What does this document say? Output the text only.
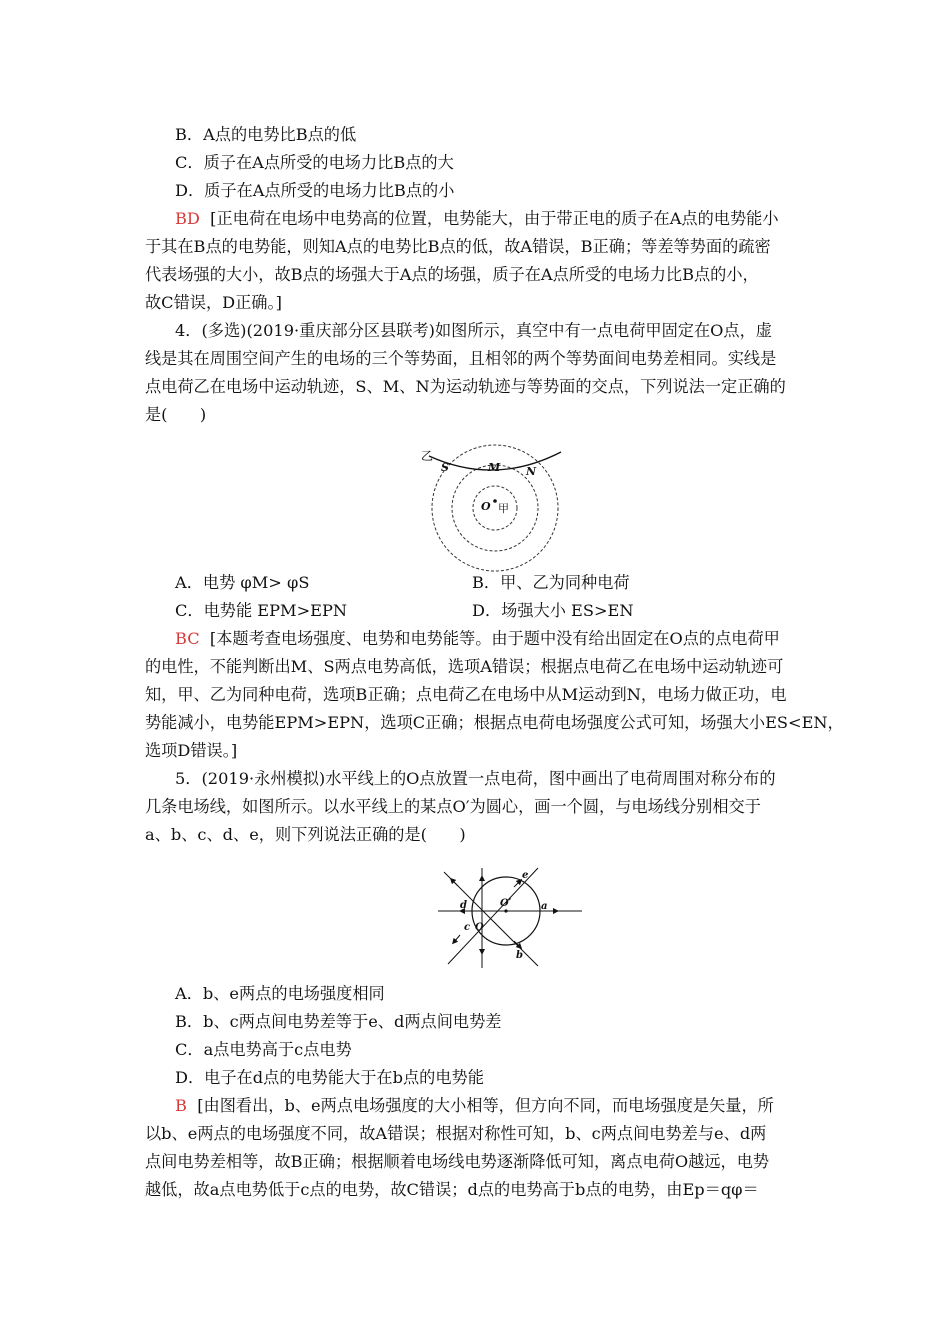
B．A点的电势比B点的低
C．质子在A点所受的电场力比B点的大
D．质子在A点所受的电场力比B点的小
BD [正电荷在电场中电势高的位置，电势能大，由于带正电的质子在A点的电势能小
于其在B点的电势能，则知A点的电势比B点的低，故A错误，B正确；等差等势面的疏密
代表场强的大小，故B点的场强大于A点的场强，质子在A点所受的电场力比B点的小，
故C错误，D正确。]
4．(多选)(2019·重庆部分区县联考)如图所示，真空中有一点电荷甲固定在O点，虚
线是其在周围空间产生的电场的三个等势面，且相邻的两个等势面间电势差相同。实线是
点电荷乙在电场中运动轨迹，S、M、N为运动轨迹与等势面的交点，下列说法一定正确的
是(　　)
乙
S	M N
O 甲
A．电势 φM> φS	B．甲、乙为同种电荷
C．电势能 EPM>EPN	D．场强大小 ES>EN
BC [本题考查电场强度、电势和电势能等。由于题中没有给出固定在O点的点电荷甲
的电性，不能判断出M、S两点电势高低，选项A错误；根据点电荷乙在电场中运动轨迹可
知，甲、乙为同种电荷，选项B正确；点电荷乙在电场中从M运动到N，电场力做正功，电
势能减小，电势能EPM>EPN，选项C正确；根据点电荷电场强度公式可知，场强大小ES<EN，
选项D错误。]
5．(2019·永州模拟)水平线上的O点放置一点电荷，图中画出了电荷周围对称分布的
几条电场线，如图所示。以水平线上的某点O′为圆心，画一个圆，与电场线分别相交于
a、b、c、d、e，则下列说法正确的是(　　)
e
d	O′	a
c O
b
A．b、e两点的电场强度相同
B．b、c两点间电势差等于e、d两点间电势差
C．a点电势高于c点电势
D．电子在d点的电势能大于在b点的电势能
B [由图看出，b、e两点电场强度的大小相等，但方向不同，而电场强度是矢量，所
以b、e两点的电场强度不同，故A错误；根据对称性可知，b、c两点间电势差与e、d两
点间电势差相等，故B正确；根据顺着电场线电势逐渐降低可知，离点电荷O越远，电势
越低，故a点电势低于c点的电势，故C错误；d点的电势高于b点的电势，由Ep＝qφ＝
